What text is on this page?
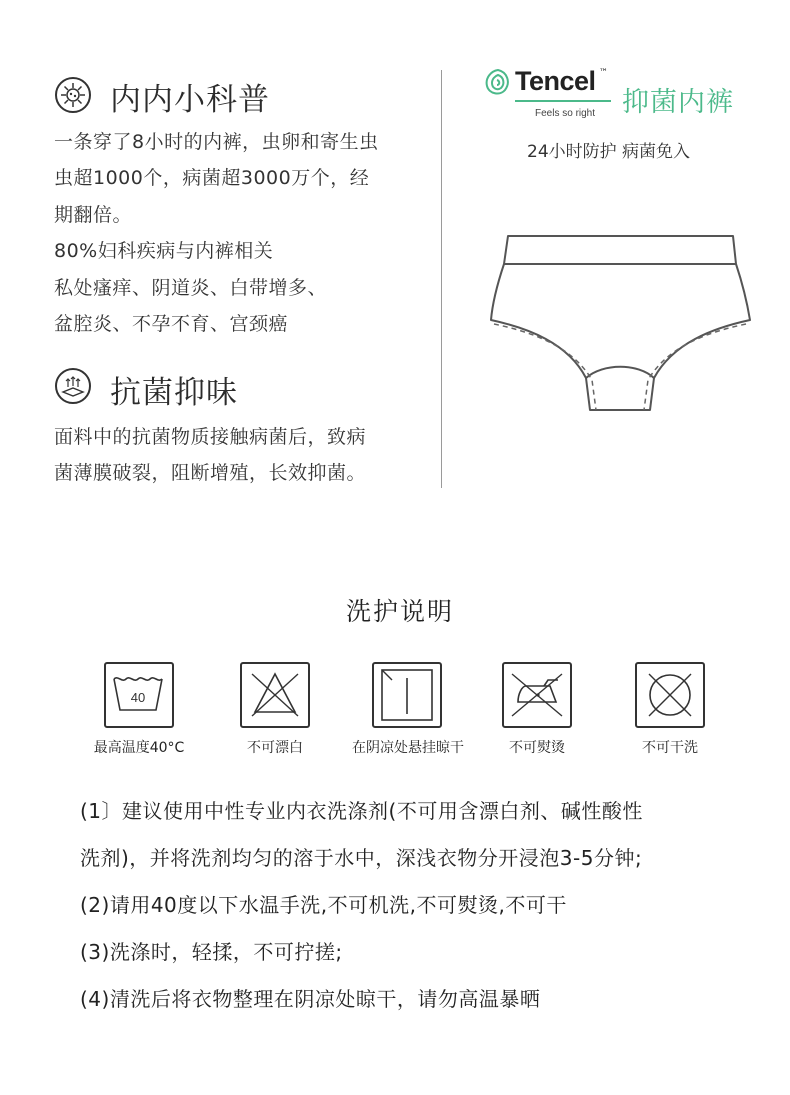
内内小科普
一条穿了8小时的内裤，虫卵和寄生虫
虫超1000个，病菌超3000万个，经
期翻倍。
80%妇科疾病与内裤相关
私处瘙痒、阴道炎、白带增多、
盆腔炎、不孕不育、宫颈癌
抗菌抑味
面料中的抗菌物质接触病菌后，致病
菌薄膜破裂，阻断增殖，长效抑菌。
Tencel ™
Feels so right 抑菌内裤
24小时防护 病菌免入
洗护说明
40
最高温度40°C	不可漂白	在阴凉处悬挂晾干	不可熨烫	不可干洗
(1〕建议使用中性专业内衣洗涤剂(不可用含漂白剂、碱性酸性
洗剂)，并将洗剂均匀的溶于水中，深浅衣物分开浸泡3-5分钟;
(2)请用40度以下水温手洗,不可机洗,不可熨烫,不可干
(3)洗涤时，轻揉，不可拧搓;
(4)清洗后将衣物整理在阴凉处晾干，请勿高温暴晒
